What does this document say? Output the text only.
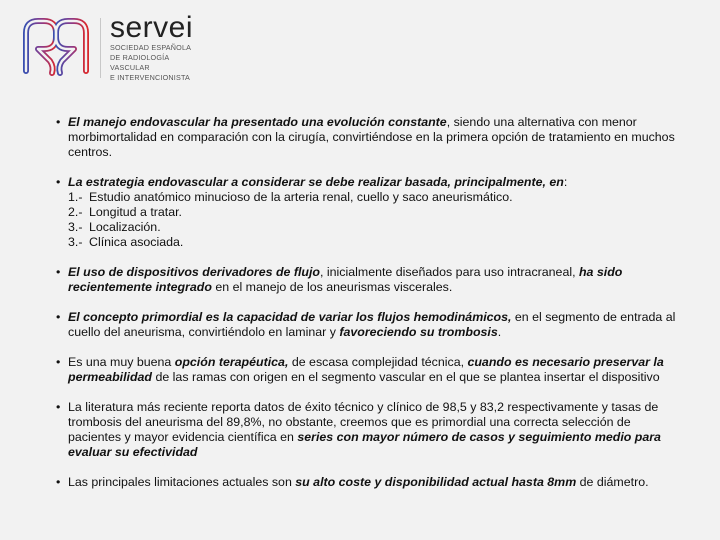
servei
SOCIEDAD ESPAÑOLA
DE RADIOLOGÍA
VASCULAR
E INTERVENCIONISTA
• El manejo endovascular ha presentado una evolución constante, siendo una alternativa con menor morbimortalidad en comparación con la cirugía, convirtiéndose en la primera opción de tratamiento en muchos centros.
• La estrategia endovascular a considerar se debe realizar basada, principalmente, en:
1.- Estudio anatómico minucioso de la arteria renal, cuello y saco aneurismático.
2.- Longitud a tratar.
3.- Localización.
3.- Clínica asociada.
• El uso de dispositivos derivadores de flujo, inicialmente diseñados para uso intracraneal, ha sido recientemente integrado en el manejo de los aneurismas viscerales.
• El concepto primordial es la capacidad de variar los flujos hemodinámicos, en el segmento de entrada al cuello del aneurisma, convirtiéndolo en laminar y favoreciendo su trombosis.
• Es una muy buena opción terapéutica, de escasa complejidad técnica, cuando es necesario preservar la permeabilidad de las ramas con origen en el segmento vascular en el que se plantea insertar el dispositivo
• La literatura más reciente reporta datos de éxito técnico y clínico de 98,5 y 83,2 respectivamente y tasas de trombosis del aneurisma del 89,8%, no obstante, creemos que es primordial una correcta selección de pacientes y mayor evidencia científica en series con mayor número de casos y seguimiento medio para evaluar su efectividad
• Las principales limitaciones actuales son su alto coste y disponibilidad actual hasta 8mm de diámetro.
